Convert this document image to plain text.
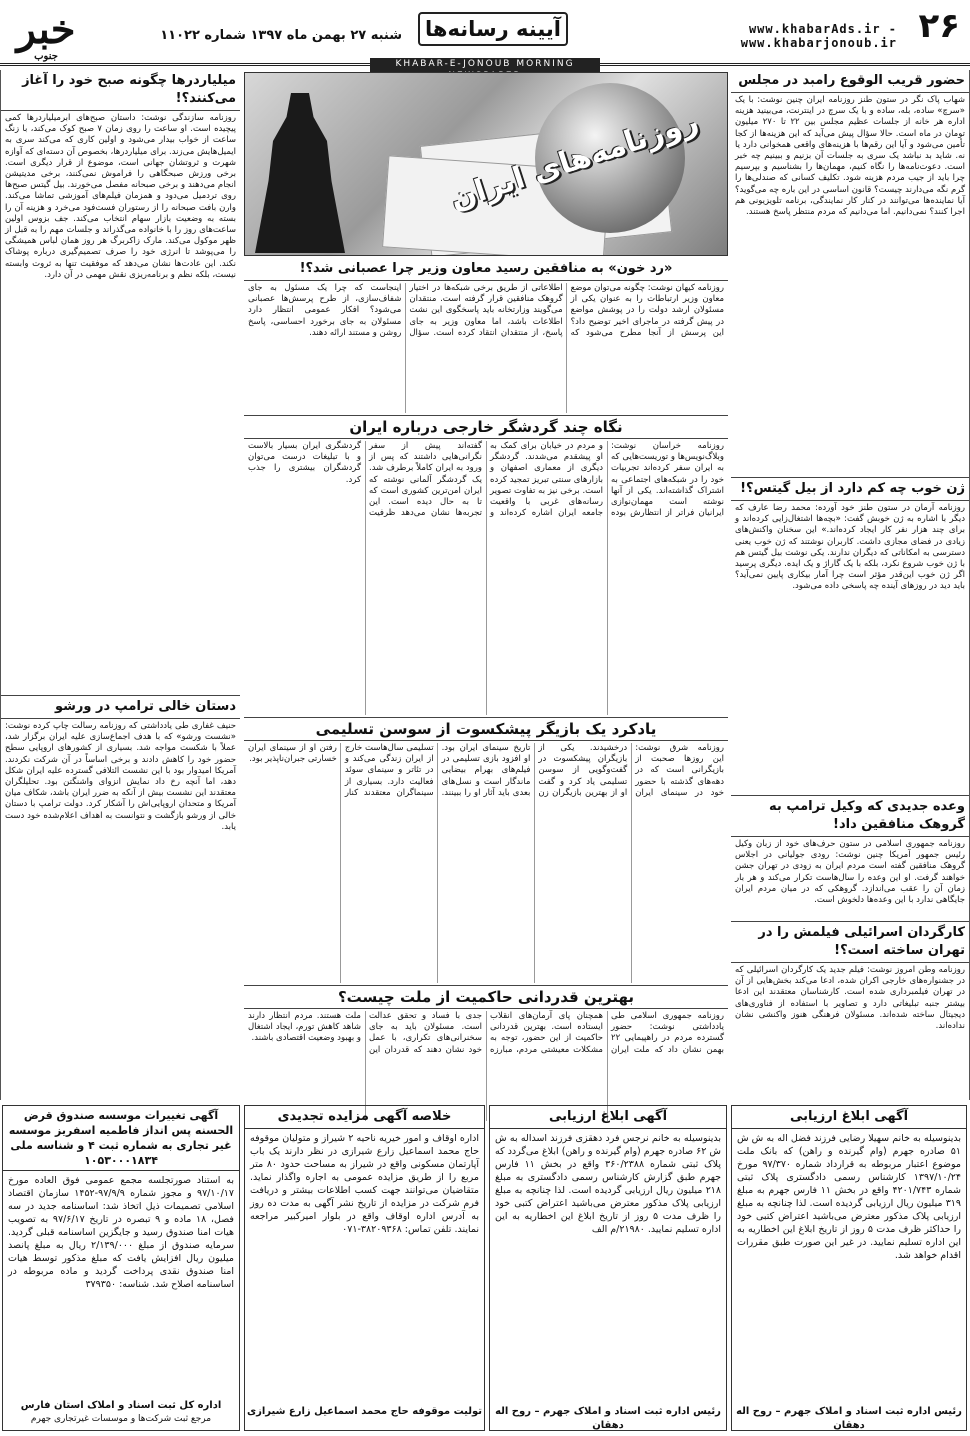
۲۶
www.khabarAds.ir - www.khabarjonoub.ir
آیینه رسانه‌ها
شنبه ۲۷ بهمن ماه ۱۳۹۷ شماره ۱۱۰۲۲
خبر
جنوب
KHABAR-E-JONOUB MORNING
حضور قریب الوقوع رامبد در مجلس
شهاب پاک نگر در ستون طنز روزنامه ایران چنین نوشت: با یک «سرچ» ساده، بله، ساده و با یک سرچ در اینترنت، می‌بینید هزینه اداره هر خانه از جلسات عظیم مجلس بین ۲۲ تا ۲۷۰ میلیون تومان در ماه است. حالا سؤال پیش می‌آید که این هزینه‌ها از کجا تأمین می‌شود و آیا این رقم‌ها با هزینه‌های واقعی همخوانی دارد یا نه. شاید بد نباشد یک سری به جلسات آن بزنیم و ببینیم چه خبر است. دعوت‌نامه‌ها را نگاه کنیم، مهمان‌ها را بشناسیم و بپرسیم چرا باید از جیب مردم هزینه شود. تکلیف کسانی که صندلی‌ها را گرم نگه می‌دارند چیست؟ قانون اساسی در این باره چه می‌گوید؟ آیا نماینده‌ها می‌توانند در کنار کار نمایندگی، برنامه تلویزیونی هم اجرا کنند؟ نمی‌دانیم. اما می‌دانیم که مردم منتظر پاسخ هستند.
ژن خوب چه کم دارد از بیل گیتس؟!
روزنامه آرمان در ستون طنز خود آورده: محمد رضا عارف که دیگر با اشاره به ژن خوبش گفت: «بچه‌ها اشتغال‌زایی کرده‌اند و برای چند هزار نفر کار ایجاد کرده‌اند.» این سخنان واکنش‌های زیادی در فضای مجازی داشت. کاربران نوشتند که ژن خوب یعنی دسترسی به امکاناتی که دیگران ندارند. یکی نوشت بیل گیتس هم با ژن خوب شروع نکرد، بلکه با یک گاراژ و یک ایده. دیگری پرسید اگر ژن خوب این‌قدر مؤثر است چرا آمار بیکاری پایین نمی‌آید؟ باید دید در روزهای آینده چه پاسخی داده می‌شود.
وعده جدیدی که وکیل ترامپ به گروهک منافقین داد!
روزنامه جمهوری اسلامی در ستون حرف‌های خود از زبان وکیل رئیس جمهور آمریکا چنین نوشت: رودی جولیانی در اجلاس گروهک منافقین گفته است مردم ایران به زودی در تهران جشن خواهند گرفت. او این وعده را سال‌هاست تکرار می‌کند و هر بار زمان آن را عقب می‌اندازد. گروهکی که در میان مردم ایران جایگاهی ندارد با این وعده‌ها دلخوش است.
کارگردان اسرائیلی فیلمش را در تهران ساخته است؟!
روزنامه وطن امروز نوشت: فیلم جدید یک کارگردان اسرائیلی که در جشنواره‌های خارجی اکران شده، ادعا می‌کند بخش‌هایی از آن در تهران فیلمبرداری شده است. کارشناسان معتقدند این ادعا بیشتر جنبه تبلیغاتی دارد و تصاویر با استفاده از فناوری‌های دیجیتال ساخته شده‌اند. مسئولان فرهنگی هنوز واکنشی نشان نداده‌اند.
میلیاردرها چگونه صبح خود را آغاز می‌کنند؟!
روزنامه سازندگی نوشت: داستان صبح‌های ابرمیلیاردرها کمی پیچیده است. او ساعت را روی زمان ۷ صبح کوک می‌کند، با زنگ ساعت از خواب بیدار می‌شود و اولین کاری که می‌کند سری به ایمیل‌هایش می‌زند. برای میلیاردرها، بخصوص آن دسته‌ای که آوازه شهرت و ثروتشان جهانی است، موضوع از قرار دیگری است. برخی ورزش صبحگاهی را فراموش نمی‌کنند، برخی مدیتیشن انجام می‌دهند و برخی صبحانه مفصل می‌خورند. بیل گیتس صبح‌ها روی تردمیل می‌دود و همزمان فیلم‌های آموزشی تماشا می‌کند. وارن بافت صبحانه را از رستوران فست‌فود می‌خرد و هزینه آن را بسته به وضعیت بازار سهام انتخاب می‌کند. جف بزوس اولین ساعت‌های روز را با خانواده می‌گذراند و جلسات مهم را به قبل از ظهر موکول می‌کند. مارک زاکربرگ هر روز همان لباس همیشگی را می‌پوشد تا انرژی خود را صرف تصمیم‌گیری درباره پوشاک نکند. این عادت‌ها نشان می‌دهد که موفقیت تنها به ثروت وابسته نیست، بلکه نظم و برنامه‌ریزی نقش مهمی در آن دارد.
دستان خالی ترامپ در ورشو
حنیف غفاری طی یادداشتی که روزنامه رسالت چاپ کرده نوشت: «نشست ورشو» که با هدف اجماع‌سازی علیه ایران برگزار شد، عملاً با شکست مواجه شد. بسیاری از کشورهای اروپایی سطح حضور خود را کاهش دادند و برخی اساساً در آن شرکت نکردند. آمریکا امیدوار بود با این نشست ائتلافی گسترده علیه ایران شکل دهد، اما آنچه رخ داد نمایش انزوای واشنگتن بود. تحلیلگران معتقدند این نشست بیش از آنکه به ضرر ایران باشد، شکاف میان آمریکا و متحدان اروپایی‌اش را آشکار کرد. دولت ترامپ با دستان خالی از ورشو بازگشت و نتوانست به اهداف اعلام‌شده خود دست یابد.
روزنامه‌های ایران
«رد خون» به منافقین رسید معاون وزیر چرا عصبانی شد؟!
روزنامه کیهان نوشت: چگونه می‌توان موضع معاون وزیر ارتباطات را به عنوان یکی از مسئولان ارشد دولت را در پوشش مواضع در پیش گرفته در ماجرای اخیر توضیح داد؟ این پرسش از آنجا مطرح می‌شود که اطلاعاتی از طریق برخی شبکه‌ها در اختیار گروهک منافقین قرار گرفته است. منتقدان می‌گویند وزارتخانه باید پاسخگوی این نشت اطلاعات باشد، اما معاون وزیر به جای پاسخ، از منتقدان انتقاد کرده است. سؤال اینجاست که چرا یک مسئول به جای شفاف‌سازی، از طرح پرسش‌ها عصبانی می‌شود؟ افکار عمومی انتظار دارد مسئولان به جای برخورد احساسی، پاسخ روشن و مستند ارائه دهند.
نگاه چند گردشگر خارجی درباره ایران
روزنامه خراسان نوشت: وبلاگ‌نویس‌ها و توریست‌هایی که به ایران سفر کرده‌اند تجربیات خود را در شبکه‌های اجتماعی به اشتراک گذاشته‌اند. یکی از آنها نوشته است مهمان‌نوازی ایرانیان فراتر از انتظارش بوده و مردم در خیابان برای کمک به او پیشقدم می‌شدند. گردشگر دیگری از معماری اصفهان و بازارهای سنتی تبریز تمجید کرده است. برخی نیز به تفاوت تصویر رسانه‌های غربی با واقعیت جامعه ایران اشاره کرده‌اند و گفته‌اند پیش از سفر نگرانی‌هایی داشتند که پس از ورود به ایران کاملاً برطرف شد. یک گردشگر آلمانی نوشته که ایران امن‌ترین کشوری است که تا به حال دیده است. این تجربه‌ها نشان می‌دهد ظرفیت گردشگری ایران بسیار بالاست و با تبلیغات درست می‌توان گردشگران بیشتری را جذب کرد.
یادکرد یک بازیگر پیشکسوت از سوسن تسلیمی
روزنامه شرق نوشت: این روزها صحبت از بازیگرانی است که در دهه‌های گذشته با حضور خود در سینمای ایران درخشیدند. یکی از بازیگران پیشکسوت در گفت‌وگویی از سوسن تسلیمی یاد کرد و گفت او از بهترین بازیگران زن تاریخ سینمای ایران بود. او افزود بازی تسلیمی در فیلم‌های بهرام بیضایی ماندگار است و نسل‌های بعدی باید آثار او را ببینند. تسلیمی سال‌هاست خارج از ایران زندگی می‌کند و در تئاتر و سینمای سوئد فعالیت دارد. بسیاری از سینماگران معتقدند کنار رفتن او از سینمای ایران خسارتی جبران‌ناپذیر بود.
بهترین قدردانی حاکمیت از ملت چیست؟
روزنامه جمهوری اسلامی طی یادداشتی نوشت: حضور گسترده مردم در راهپیمایی ۲۲ بهمن نشان داد که ملت ایران همچنان پای آرمان‌های انقلاب ایستاده است. بهترین قدردانی حاکمیت از این حضور، توجه به مشکلات معیشتی مردم، مبارزه جدی با فساد و تحقق عدالت است. مسئولان باید به جای سخنرانی‌های تکراری، با عمل خود نشان دهند که قدردان این ملت هستند. مردم انتظار دارند شاهد کاهش تورم، ایجاد اشتغال و بهبود وضعیت اقتصادی باشند.
آگهی ابلاغ ارزیابی
بدینوسیله به خانم سهیلا رضایی فرزند فضل اله به ش ش ۵۱ صادره جهرم (وام گیرنده و راهن) که بانک ملت موضوع اعتبار مربوطه به قرارداد شماره ۹۷/۳۷۰ مورخ ۱۳۹۷/۱۰/۲۴ کارشناس رسمی دادگستری پلاک ثبتی شماره ۴۲۰۱/۷۴۳ واقع در بخش ۱۱ فارس جهرم به مبلغ ۳۱۹ میلیون ریال ارزیابی گردیده است. لذا چنانچه به مبلغ ارزیابی پلاک مذکور معترض می‌باشید اعتراض کتبی خود را حداکثر ظرف مدت ۵ روز از تاریخ ابلاغ این اخطاریه به این اداره تسلیم نمایید. در غیر این صورت طبق مقررات اقدام خواهد شد.
رئیس اداره ثبت اسناد و املاک جهرم – روح اله دهقان
آگهی ابلاغ ارزیابی
بدینوسیله به خانم نرجس فرد دهقزی فرزند اسداله به ش ش ۶۲ صادره جهرم (وام گیرنده و راهن) ابلاغ می‌گردد که پلاک ثبتی شماره ۳۶۰/۲۳۸۸ واقع در بخش ۱۱ فارس جهرم طبق گزارش کارشناس رسمی دادگستری به مبلغ ۲۱۸ میلیون ریال ارزیابی گردیده است. لذا چنانچه به مبلغ ارزیابی پلاک مذکور معترض می‌باشید اعتراض کتبی خود را ظرف مدت ۵ روز از تاریخ ابلاغ این اخطاریه به این اداره تسلیم نمایید. ۲۱۹۸۰/م الف
رئیس اداره ثبت اسناد و املاک جهرم – روح اله دهقان
خلاصه آگهی مزایده تجدیدی
اداره اوقاف و امور خیریه ناحیه ۲ شیراز و متولیان موقوفه حاج محمد اسماعیل زارع شیرازی در نظر دارند یک باب آپارتمان مسکونی واقع در شیراز به مساحت حدود ۸۰ متر مربع را از طریق مزایده عمومی به اجاره واگذار نماید. متقاضیان می‌توانند جهت کسب اطلاعات بیشتر و دریافت فرم شرکت در مزایده از تاریخ نشر آگهی به مدت ده روز به آدرس اداره اوقاف واقع در بلوار امیرکبیر مراجعه نمایند. تلفن تماس: ۳۸۲۰۹۳۶۸-۰۷۱
تولیت موقوفه حاج محمد اسماعیل زارع شیرازی
آگهی تغییرات موسسه صندوق قرض الحسنه پس انداز فاطمیه اسفریز موسسه غیر تجاری به شماره ثبت ۴ و شناسه ملی ۱۰۵۳۰۰۰۱۸۳۴
به استناد صورتجلسه مجمع عمومی فوق العاده مورخ ۹۷/۱۰/۱۷ و مجوز شماره ۹۷/۹/۹-۱۴۵۲ سازمان اقتصاد اسلامی تصمیمات ذیل اتخاذ شد: اساسنامه جدید در سه فصل، ۱۸ ماده و ۹ تبصره در تاریخ ۹۷/۶/۱۷ به تصویب هیات امنا صندوق رسید و جایگزین اساسنامه قبلی گردید. سرمایه صندوق از مبلغ ۲/۱۳۹/۰۰۰ ریال به مبلغ پانصد میلیون ریال افزایش یافت که مبلغ مذکور توسط هیات امنا صندوق نقدی پرداخت گردید و ماده مربوطه در اساسنامه اصلاح شد. شناسه: ۳۷۹۳۵۰
اداره کل ثبت اسناد و املاک استان فارس
مرجع ثبت شرکت‌ها و موسسات غیرتجاری جهرم
